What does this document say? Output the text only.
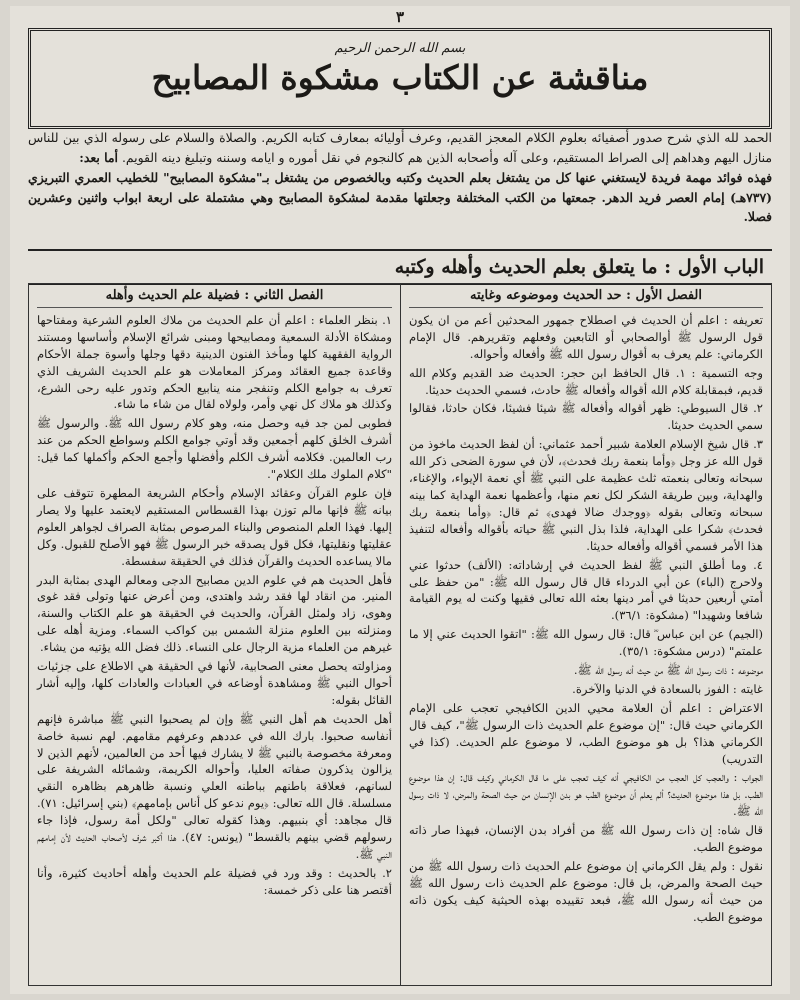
٣
بسم الله الرحمن الرحيم
مناقشة عن الكتاب مشكوة المصابيح

الحمد لله الذي شرح صدور أصفيائه بعلوم الكلام المعجز القديم، وعرف أوليائه بمعارف كتابه الكريم. والصلاة والسلام على رسوله الذي بين للناس منازل اليهم وهداهم إلى الصراط المستقيم، وعلى آله وأصحابه الذين هم كالنجوم في نقل أموره و ايامه وسننه وتبليغ دينه القويم. أما بعد:

فهذه فوائد مهمة فريدة لايستغني عنها كل من يشتغل بعلم الحديث وكتبه وبالخصوص من يشتغل بـ"مشكوة المصابيح" للخطيب العمري التبريزي (٧٣٧هـ) إمام العصر فريد الدهر. جمعتها من الكتب المختلفة وجعلتها مقدمة لمشكوة المصابيح وهي مشتملة على اربعة ابواب واثنين وعشرين فصلا.

الباب الأول : ما يتعلق بعلم الحديث وأهله وكتبه
الفصل الأول : حد الحديث وموضوعه وغايته

تعريفه : اعلم أن الحديث في اصطلاح جمهور المحدثين أعم من ان يكون قول الرسول ﷺ أوالصحابي أو التابعين وفعلهم وتقريرهم. قال الإمام الكرماني: علم يعرف به أقوال رسول الله ﷺ وأفعاله وأحواله.

وجه التسمية : ١. قال الحافظ ابن حجر: الحديث ضد القديم وكلام الله قديم، فبمقابلة كلام الله أقواله وأفعاله ﷺ حادث، فسمي الحديث حديثا.

٢. قال السيوطي: ظهر أقواله وأفعاله ﷺ شيئا فشيئا، فكان حادثا، فقالوا سمي الحديث حديثا.

٣. قال شيخ الإسلام العلامة شبير أحمد عثماني: أن لفظ الحديث ماخوذ من قول الله عز وجل ﴿وأما بنعمة ربك فحدث﴾، لأن في سورة الضحى ذكر الله سبحانه وتعالى بنعمته ثلث عظيمة على النبي ﷺ أي نعمة الإيواء، والإغناء، والهداية، وبين طريقة الشكر لكل نعم منها، وأعظمها نعمة الهداية كما بينه سبحانه وتعالى بقوله ﴿ووجدك ضالا فهدى﴾ ثم قال: ﴿وأما بنعمة ربك فحدث﴾ شكرا على الهداية، فلذا بذل النبي ﷺ حياته بأقواله وأفعاله لتنفيذ هذا الأمر فسمي أقواله وأفعاله حديثا.

٤. وما أطلق النبي ﷺ لفظ الحديث في إرشاداته: (الألف) حدثوا عني ولاحرج (الباء) عن أبي الدرداء قال قال رسول الله ﷺ: "من حفظ على أمتي أربعين حديثا في أمر دينها بعثه الله تعالى فقيها وكنت له يوم القيامة شافعا وشهيدا" (مشكوة: ٣٦/١).

(الجيم) عن ابن عباس ؓ قال: قال رسول الله ﷺ: "اتقوا الحديث عني إلا ما علمتم" (درس مشكوة: ٣٥/١).

موضوعه : ذات رسول الله ﷺ من حيث أنه رسول الله ﷺ.

غايته : الفوز بالسعادة في الدنيا والآخرة.

الاعتراض : اعلم أن العلامة محيي الدين الكافيجي تعجب على الإمام الكرماني حيث قال: "إن موضوع علم الحديث ذات الرسول ﷺ"، كيف قال الكرماني هذا؟ بل هو موضوع الطب، لا موضوع علم الحديث. (كذا في التدريب)

الجواب : والعجب كل العجب من الكافيجي أنه كيف تعجب على ما قال الكرماني وكيف قال: إن هذا موضوع الطب. بل هذا موضوع الحديث؟ ألم يعلم أن موضوع الطب هو بدن الإنسان من حيث الصحة والمرض، لا ذات رسول الله ﷺ.

قال شاه: إن ذات رسول الله ﷺ من أفراد بدن الإنسان، فبهذا صار ذاته موضوع الطب.

نقول : ولم يقل الكرماني إن موضوع علم الحديث ذات رسول الله ﷺ من حيث الصحة والمرض، بل قال: موضوع علم الحديث ذات رسول الله ﷺ من حيث أنه رسول الله ﷺ، فبعد تقييده بهذه الحيثية كيف يكون ذاته موضوع الطب.

الفصل الثاني : فضيلة علم الحديث وأهله

١. بنظر العلماء : اعلم أن علم الحديث من ملاك العلوم الشرعية ومفتاحها ومشكاة الأدلة السمعية ومصابيحها ومبنى شرائع الإسلام وأساسها ومستند الرواية الفقهية كلها ومأخذ الفنون الدينية دقها وجلها وأسوة جملة الأحكام وقاعدة جميع العقائد ومركز المعاملات هو علم الحديث الشريف الذي تعرف به جوامع الكلم وتنفجر منه ينابيع الحكم وتدور عليه رحى الشرع، وكذلك هو ملاك كل نهي وأمر، ولولاه لقال من شاء ما شاء.

فطوبى لمن جد فيه وحصل منه، وهو كلام رسول الله ﷺ. والرسول ﷺ أشرف الخلق كلهم أجمعين وقد أوتي جوامع الكلم وسواطع الحكم من عند رب العالمين. فكلامه أشرف الكلم وأفضلها وأجمع الحكم وأكملها كما قيل: "كلام الملوك ملك الكلام".

فإن علوم القرآن وعقائد الإسلام وأحكام الشريعة المطهرة تتوقف على بيانه ﷺ فإنها مالم توزن بهذا القسطاس المستقيم لايعتمد عليها ولا يصار إليها. فهذا العلم المنصوص والبناء المرصوص بمثابة الصراف لجواهر العلوم عقليتها ونقليتها، فكل قول يصدقه خبر الرسول ﷺ فهو الأصلح للقبول. وكل مالا يساعده الحديث والقرآن فذلك في الحقيقة سفسطة.

فأهل الحديث هم في علوم الدين مصابيح الدجى ومعالم الهدى بمثابة البدر المنير. من انقاد لها فقد رشد واهتدى، ومن أعرض عنها وتولى فقد غوى وهوى، زاد ولمثل القرآن، والحديث في الحقيقة هو علم الكتاب والسنة، ومنزلته بين العلوم منزلة الشمس بين كواكب السماء. ومزية أهله على غيرهم من العلماء مزية الرجال على النساء. ذلك فضل الله يؤتيه من يشاء.

ومزاولته يحصل معنى الصحابية، لأنها في الحقيقة هي الاطلاع على جزئيات أحوال النبي ﷺ ومشاهدة أوضاعه في العبادات والعادات كلها، وإليه أشار القائل بقوله:

أهل الحديث هم أهل النبي ﷺ وإن لم يصحبوا النبي ﷺ مباشرة فإنهم أنفاسه صحبوا. بارك الله في عددهم وعرفهم مقامهم. لهم نسبة خاصة ومعرفة مخصوصة بالنبي ﷺ لا يشارك فيها أحد من العالمين، لأنهم الذين لا يزالون يذكرون صفاته العليا، وأحواله الكريمة، وشمائله الشريفة على لسانهم، فعلاقة باطنهم بباطنه العلي ونسبة ظاهرهم بظاهره النقي مسلسلة. قال الله تعالى: ﴿يوم ندعو كل أناس بإمامهم﴾ (بني إسرائيل: ٧١). قال مجاهد: أي بنبيهم. وهذا كقوله تعالى "ولكل أمة رسول، فإذا جاء رسولهم قضي بينهم بالقسط" (يونس: ٤٧). هذا أكبر شرف لأصحاب الحديث لأن إمامهم النبي ﷺ.

٢. بالحديث : وقد ورد في فضيلة علم الحديث وأهله أحاديث كثيرة، وأنا أقتصر هنا على ذكر خمسة:
